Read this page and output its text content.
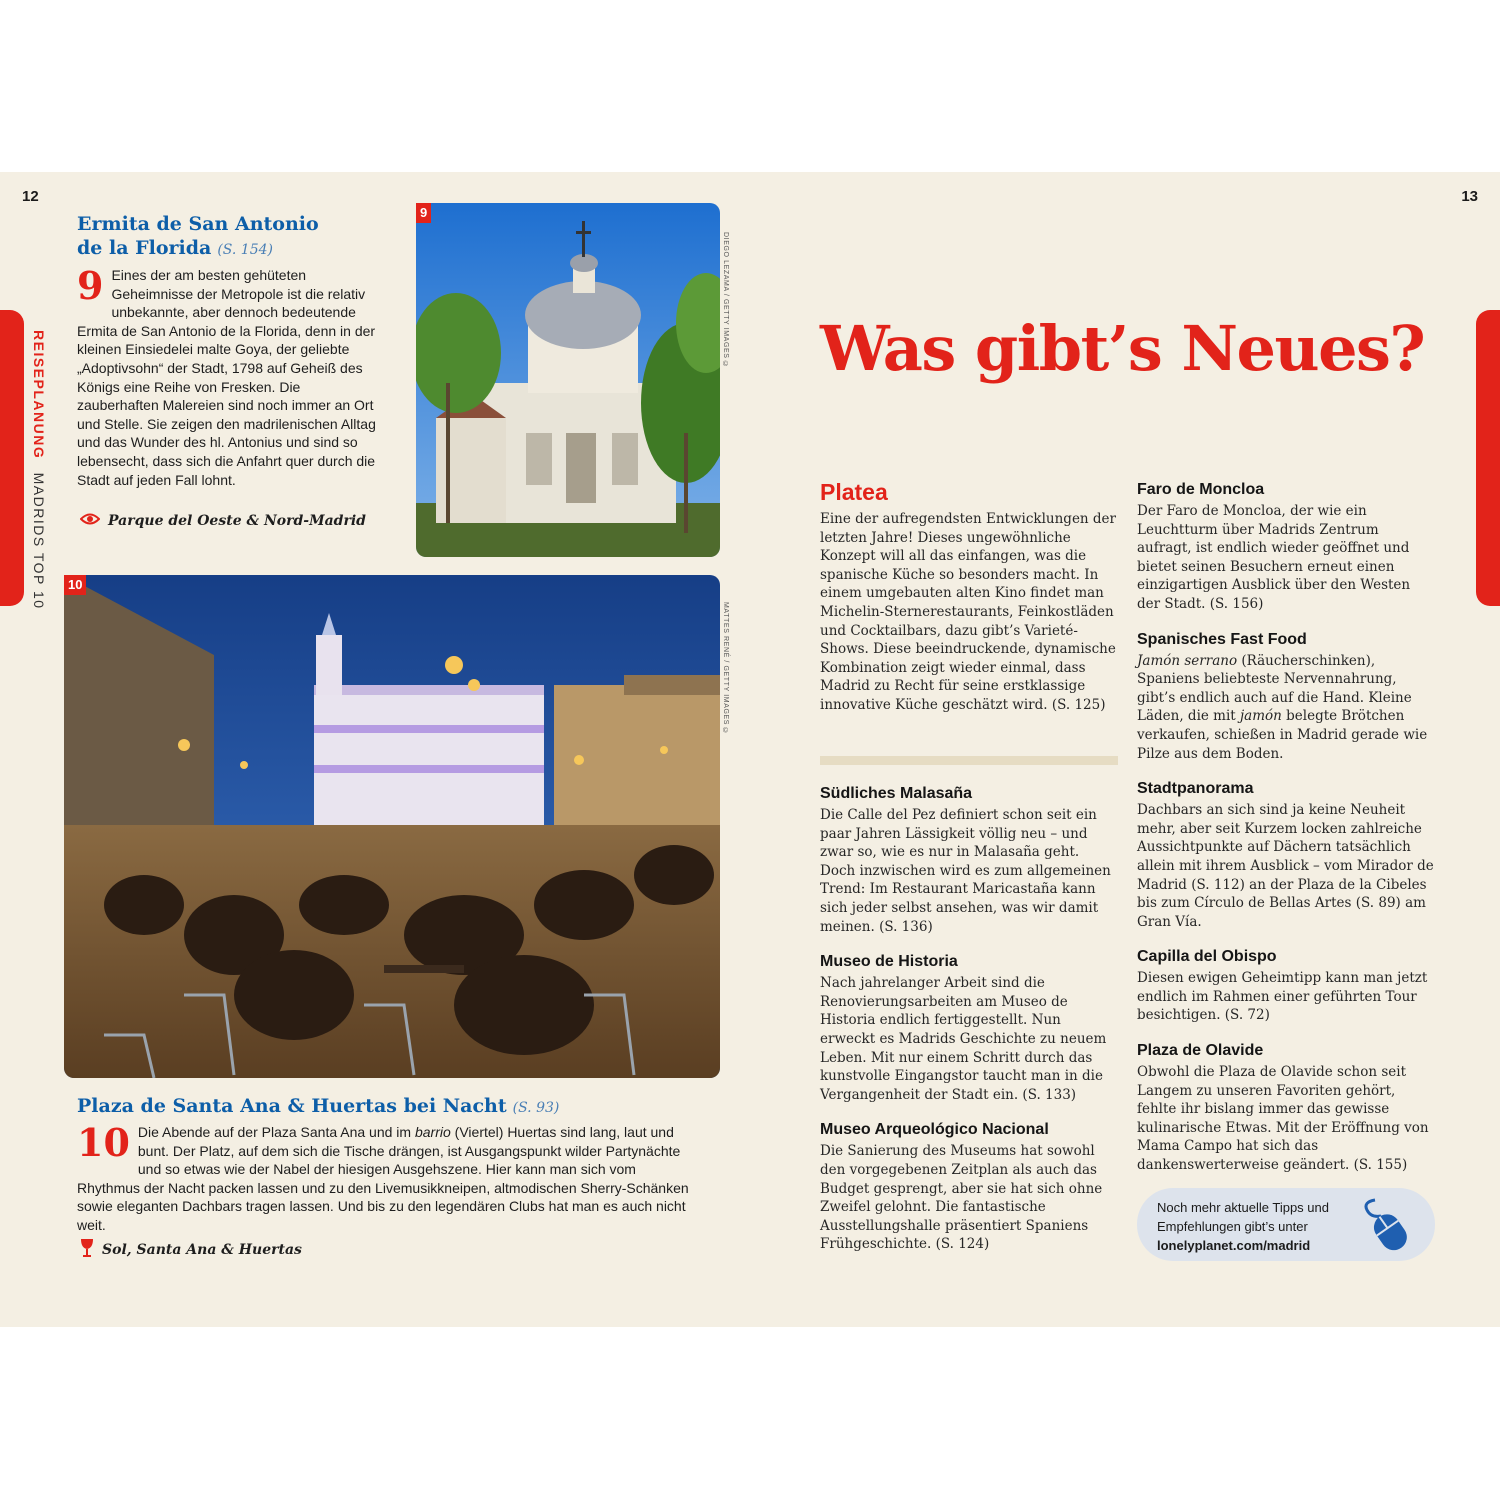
12	13
REISEPLANUNG MADRIDS TOP 10
Ermita de San Antonio
de la Florida (S. 154)
9 Eines der am besten gehüteten Geheimnisse der Metropole ist die relativ unbekannte, aber dennoch bedeutende Ermita de San Antonio de la Florida, denn in der kleinen Einsiedelei malte Goya, der geliebte „Adoptivsohn“ der Stadt, 1798 auf Geheiß des Königs eine Reihe von Fresken. Die zauberhaften Malereien sind noch immer an Ort und Stelle. Sie zeigen den madrilenischen Alltag und das Wunder des hl. Antonius und sind so lebensecht, dass sich die Anfahrt quer durch die Stadt auf jeden Fall lohnt.
Parque del Oeste & Nord-Madrid
9
DIEGO LEZAMA / GETTY IMAGES ©
10
MATTES RENÉ / GETTY IMAGES ©
Plaza de Santa Ana & Huertas bei Nacht (S. 93)
10 Die Abende auf der Plaza Santa Ana und im barrio (Viertel) Huertas sind lang, laut und bunt. Der Platz, auf dem sich die Tische drängen, ist Ausgangspunkt wilder Partynächte und so etwas wie der Nabel der hiesigen Ausgehszene. Hier kann man sich vom Rhythmus der Nacht packen lassen und zu den Livemusikkneipen, altmodischen Sherry-Schänken sowie eleganten Dachbars tragen lassen. Und bis zu den legendären Clubs hat man es auch nicht weit.
Sol, Santa Ana & Huertas
Was gibt’s Neues?
Platea

Eine der aufregendsten Entwicklungen der letzten Jahre! Dieses ungewöhnliche Konzept will all das einfangen, was die spanische Küche so besonders macht. In einem umgebauten alten Kino findet man Michelin-Sternerestaurants, Feinkostläden und Cocktailbars, dazu gibt’s Varieté-Shows. Diese beeindruckende, dynamische Kombination zeigt wieder einmal, dass Madrid zu Recht für seine erstklassige innovative Küche geschätzt wird. (S. 125)

Südliches Malasaña

Die Calle del Pez definiert schon seit ein paar Jahren Lässigkeit völlig neu – und zwar so, wie es nur in Malasaña geht. Doch inzwischen wird es zum allgemeinen Trend: Im Restaurant Maricastaña kann sich jeder selbst ansehen, was wir damit meinen. (S. 136)

Museo de Historia

Nach jahrelanger Arbeit sind die Renovierungsarbeiten am Museo de Historia endlich fertiggestellt. Nun erweckt es Madrids Geschichte zu neuem Leben. Mit nur einem Schritt durch das kunstvolle Eingangstor taucht man in die Vergangenheit der Stadt ein. (S. 133)

Museo Arqueológico Nacional

Die Sanierung des Museums hat sowohl den vorgegebenen Zeitplan als auch das Budget gesprengt, aber sie hat sich ohne Zweifel gelohnt. Die fantastische Ausstellungshalle präsentiert Spaniens Frühgeschichte. (S. 124)

Faro de Moncloa

Der Faro de Moncloa, der wie ein Leuchtturm über Madrids Zentrum aufragt, ist endlich wieder geöffnet und bietet seinen Besuchern erneut einen einzigartigen Ausblick über den Westen der Stadt. (S. 156)

Spanisches Fast Food

Jamón serrano (Räucherschinken), Spaniens beliebteste Nervennahrung, gibt’s endlich auch auf die Hand. Kleine Läden, die mit jamón belegte Brötchen verkaufen, schießen in Madrid gerade wie Pilze aus dem Boden.

Stadtpanorama

Dachbars an sich sind ja keine Neuheit mehr, aber seit Kurzem locken zahlreiche Aussichtpunkte auf Dächern tatsächlich allein mit ihrem Ausblick – vom Mirador de Madrid (S. 112) an der Plaza de la Cibeles bis zum Círculo de Bellas Artes (S. 89) am Gran Vía.

Capilla del Obispo

Diesen ewigen Geheimtipp kann man jetzt endlich im Rahmen einer geführten Tour besichtigen. (S. 72)

Plaza de Olavide

Obwohl die Plaza de Olavide schon seit Langem zu unseren Favoriten gehört, fehlte ihr bislang immer das gewisse kulinarische Etwas. Mit der Eröffnung von Mama Campo hat sich das dankenswerterweise geändert. (S. 155)

Noch mehr aktuelle Tipps und
Empfehlungen gibt’s unter
lonelyplanet.com/madrid
